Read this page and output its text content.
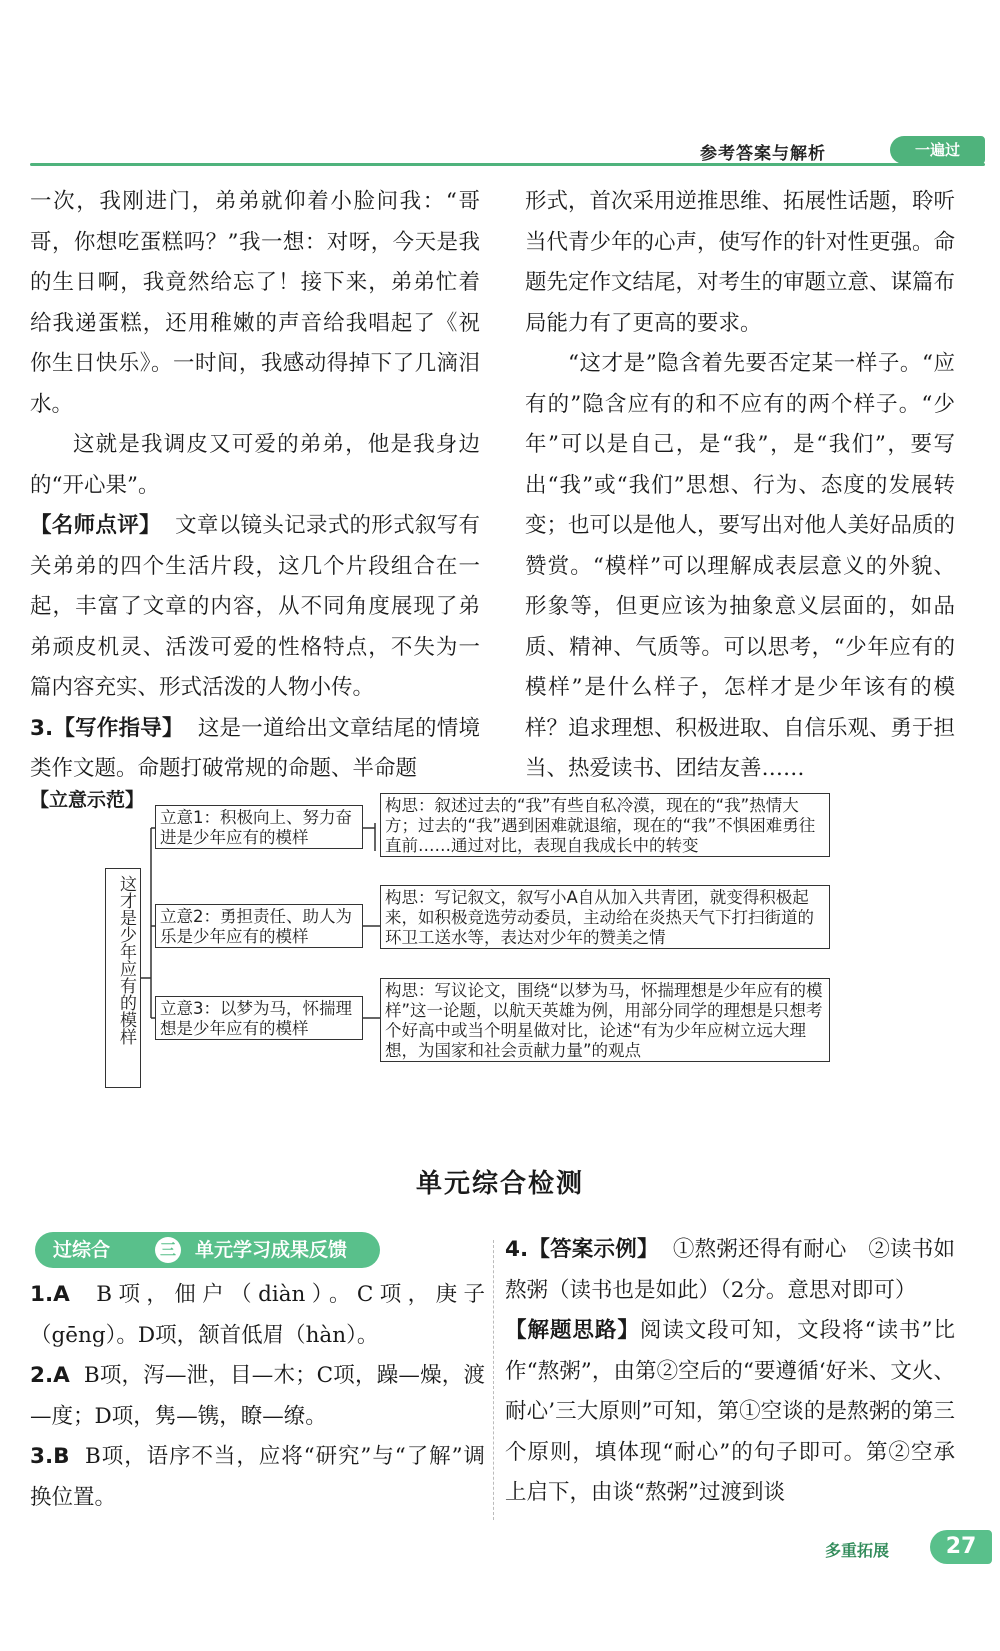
参考答案与解析	一遍过

一次，我刚进门，弟弟就仰着小脸问我：“哥哥，你想吃蛋糕吗？”我一想：对呀，今天是我的生日啊，我竟然给忘了！接下来，弟弟忙着给我递蛋糕，还用稚嫩的声音给我唱起了《祝你生日快乐》。一时间，我感动得掉下了几滴泪水。

这就是我调皮又可爱的弟弟，他是我身边的“开心果”。

【名师点评】 文章以镜头记录式的形式叙写有关弟弟的四个生活片段，这几个片段组合在一起，丰富了文章的内容，从不同角度展现了弟弟顽皮机灵、活泼可爱的性格特点，不失为一篇内容充实、形式活泼的人物小传。

3.【写作指导】 这是一道给出文章结尾的情境类作文题。命题打破常规的命题、半命题

形式，首次采用逆推思维、拓展性话题，聆听当代青少年的心声，使写作的针对性更强。命题先定作文结尾，对考生的审题立意、谋篇布局能力有了更高的要求。

“这才是”隐含着先要否定某一样子。“应有的”隐含应有的和不应有的两个样子。“少年”可以是自己，是“我”，是“我们”，要写出“我”或“我们”思想、行为、态度的发展转变；也可以是他人，要写出对他人美好品质的赞赏。“模样”可以理解成表层意义的外貌、形象等，但更应该为抽象意义层面的，如品质、精神、气质等。可以思考，“少年应有的模样”是什么样子，怎样才是少年该有的模样？追求理想、积极进取、自信乐观、勇于担当、热爱读书、团结友善……

【立意示范】
这才是少年应有的模样
立意1：积极向上、努力奋进是少年应有的模样
构思：叙述过去的“我”有些自私冷漠，现在的“我”热情大方；过去的“我”遇到困难就退缩，现在的“我”不惧困难勇往直前……通过对比，表现自我成长中的转变
立意2：勇担责任、助人为乐是少年应有的模样
构思：写记叙文，叙写小A自从加入共青团，就变得积极起来，如积极竞选劳动委员，主动给在炎热天气下打扫街道的环卫工送水等，表达对少年的赞美之情
立意3：以梦为马，怀揣理想是少年应有的模样
构思：写议论文，围绕“以梦为马，怀揣理想是少年应有的模样”这一论题，以航天英雄为例，用部分同学的理想是只想考个好高中或当个明星做对比，论述“有为少年应树立远大理想，为国家和社会贡献力量”的观点
单元综合检测
过综合	三 单元学习成果反馈

1.A B项，佃户（diàn）。C项，庚子（gēng）。D项，颔首低眉（hàn）。

2.A B项，泻—泄，目—木；C项，躁—燥，渡—度；D项，隽—镌，瞭—缭。

3.B B项，语序不当，应将“研究”与“了解”调换位置。

4.【答案示例】 ①熬粥还得有耐心　②读书如熬粥（读书也是如此）（2分。意思对即可）

【解题思路】阅读文段可知，文段将“读书”比作“熬粥”，由第②空后的“要遵循‘好米、文火、耐心’三大原则”可知，第①空谈的是熬粥的第三个原则，填体现“耐心”的句子即可。第②空承上启下，由谈“熬粥”过渡到谈

多重拓展	27
